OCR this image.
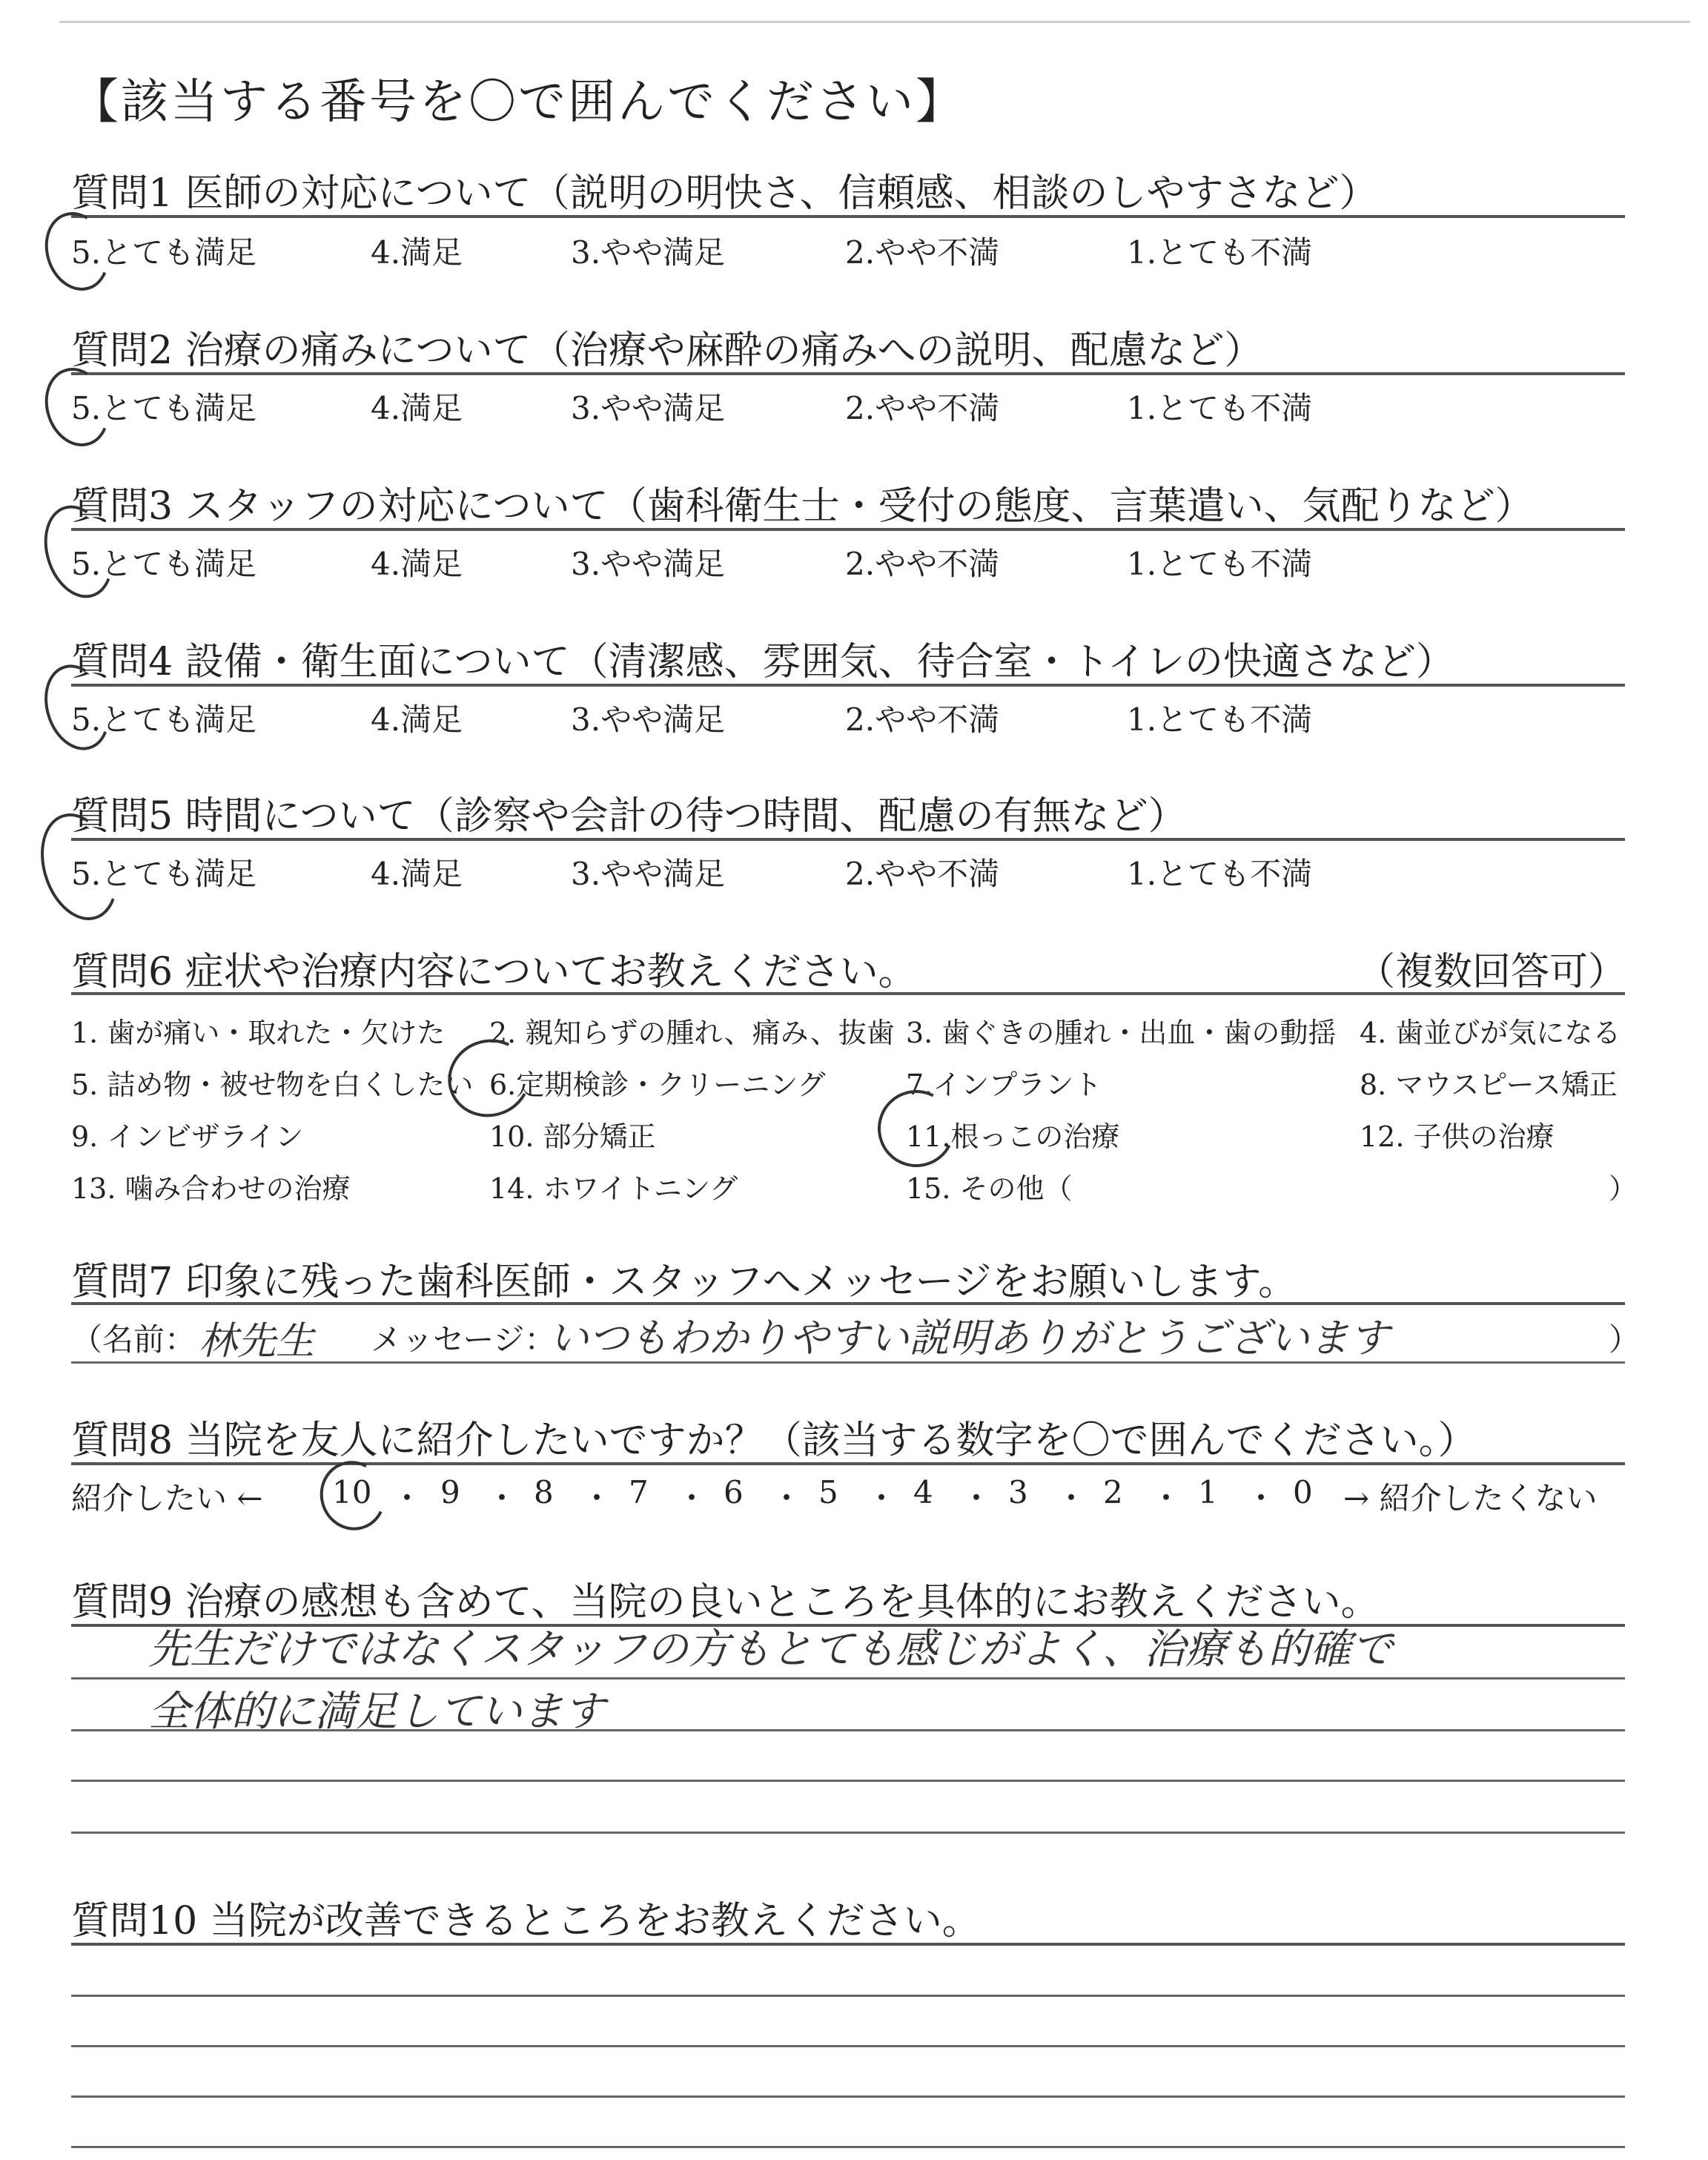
【該当する番号を〇で囲んでください】
質問1 医師の対応について（説明の明快さ、信頼感、相談のしやすさなど）
5.とても満足	4.満足	3.やや満足	2.やや不満	1.とても不満
質問2 治療の痛みについて（治療や麻酔の痛みへの説明、配慮など）
5.とても満足	4.満足	3.やや満足	2.やや不満	1.とても不満
質問3 スタッフの対応について（歯科衛生士・受付の態度、言葉遣い、気配りなど）
5.とても満足	4.満足	3.やや満足	2.やや不満	1.とても不満
質問4 設備・衛生面について（清潔感、雰囲気、待合室・トイレの快適さなど）
5.とても満足	4.満足	3.やや満足	2.やや不満	1.とても不満
質問5 時間について（診察や会計の待つ時間、配慮の有無など）
5.とても満足	4.満足	3.やや満足	2.やや不満	1.とても不満
質問6 症状や治療内容についてお教えください。	（複数回答可）
1. 歯が痛い・取れた・欠けた 2. 親知らずの腫れ、痛み、抜歯 3. 歯ぐきの腫れ・出血・歯の動揺 4. 歯並びが気になる
5. 詰め物・被せ物を白くしたい 6.定期検診・クリーニング	7.インプラント	8. マウスピース矯正
9. インビザライン	10. 部分矯正	11.根っこの治療	12. 子供の治療
13. 噛み合わせの治療	14. ホワイトニング	15. その他（	）
質問7 印象に残った歯科医師・スタッフへメッセージをお願いします。
（名前： 林先生 メッセージ：
いつもわかりやすい説明ありがとうございます	）
質問8 当院を友人に紹介したいですか？（該当する数字を〇で囲んでください。）
紹介したい ← 10 ・ 9 ・ 8 ・ 7 ・ 6 ・ 5 ・ 4 ・ 3 ・ 2 ・ 1 ・ 0 → 紹介したくない
質問9 治療の感想も含めて、当院の良いところを具体的にお教えください。
先生だけではなくスタッフの方もとても感じがよく、治療も的確で
全体的に満足しています
質問10 当院が改善できるところをお教えください。
